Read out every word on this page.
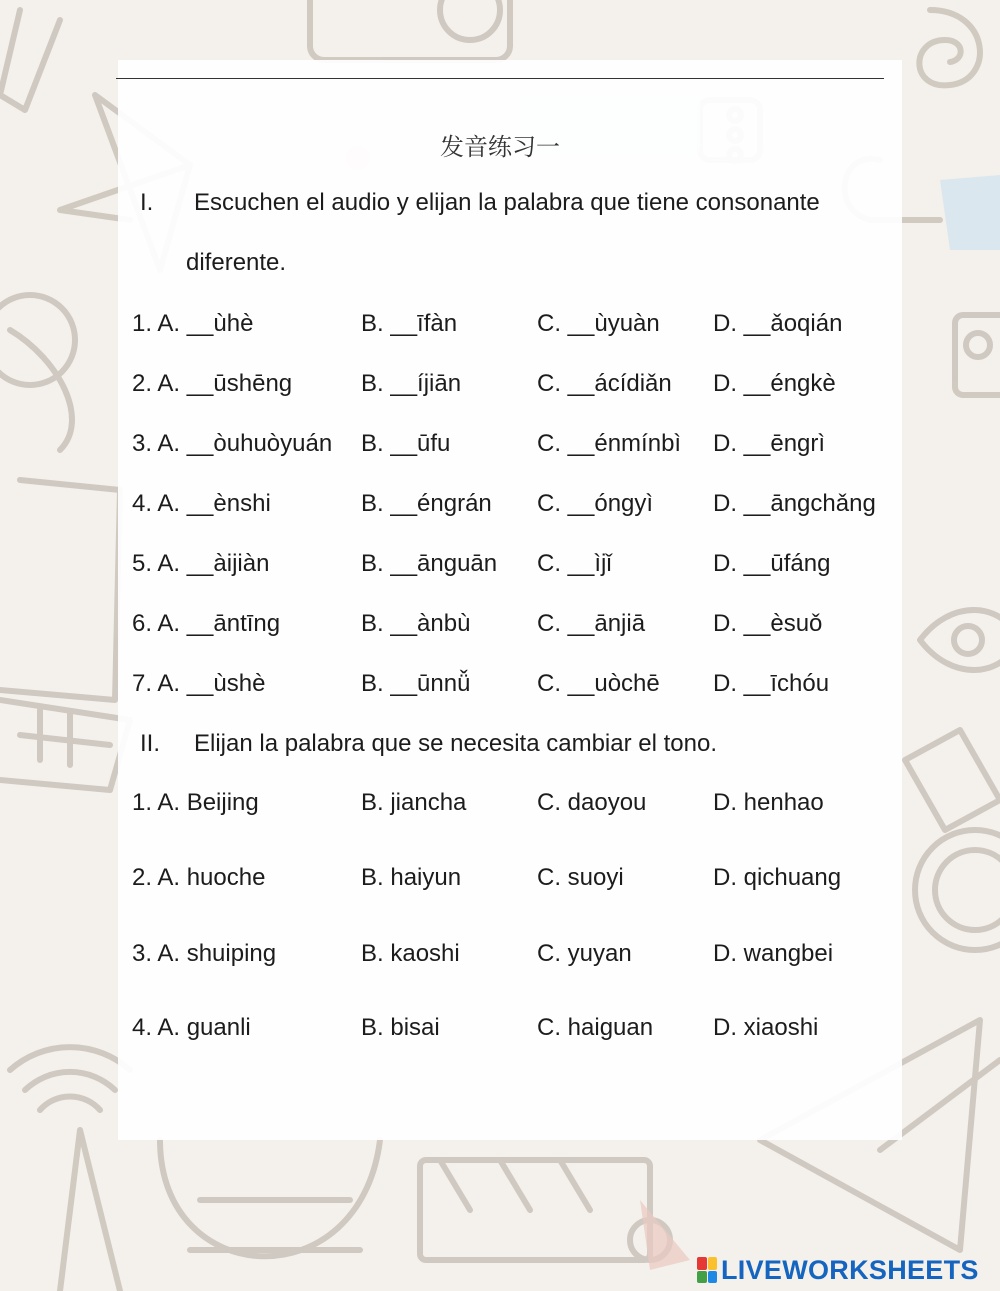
发音练习一
I. Escuchen el audio y elijan la palabra que tiene consonante
diferente.
1. A. __ùhè	B. __īfàn	C. __ùyuàn D. __ǎoqián
2. A. __ūshēng	B. __íjiān	C. __ácídiǎn D. __éngkè
3. A. __òuhuòyuán B. __ūfu	C. __énmínbì D. __ēngrì
4. A. __ènshi	B. __éngrán C. __óngyì D. __āngchǎng
5. A. __àijiàn	B. __ānguān C. __ìjǐ	D. __ūfáng
6. A. __āntīng	B. __ànbù	C. __ānjiā	D. __èsuǒ
7. A. __ùshè	B. __ūnnǚ	C. __uòchē D. __īchóu
II. Elijan la palabra que se necesita cambiar el tono.
1. A. Beijing	B. jiancha	C. daoyou	D. henhao
2. A. huoche	B. haiyun	C. suoyi	D. qichuang
3. A. shuiping	B. kaoshi	C. yuyan	D. wangbei
4. A. guanli	B. bisai	C. haiguan D. xiaoshi
LIVEWORKSHEETS
